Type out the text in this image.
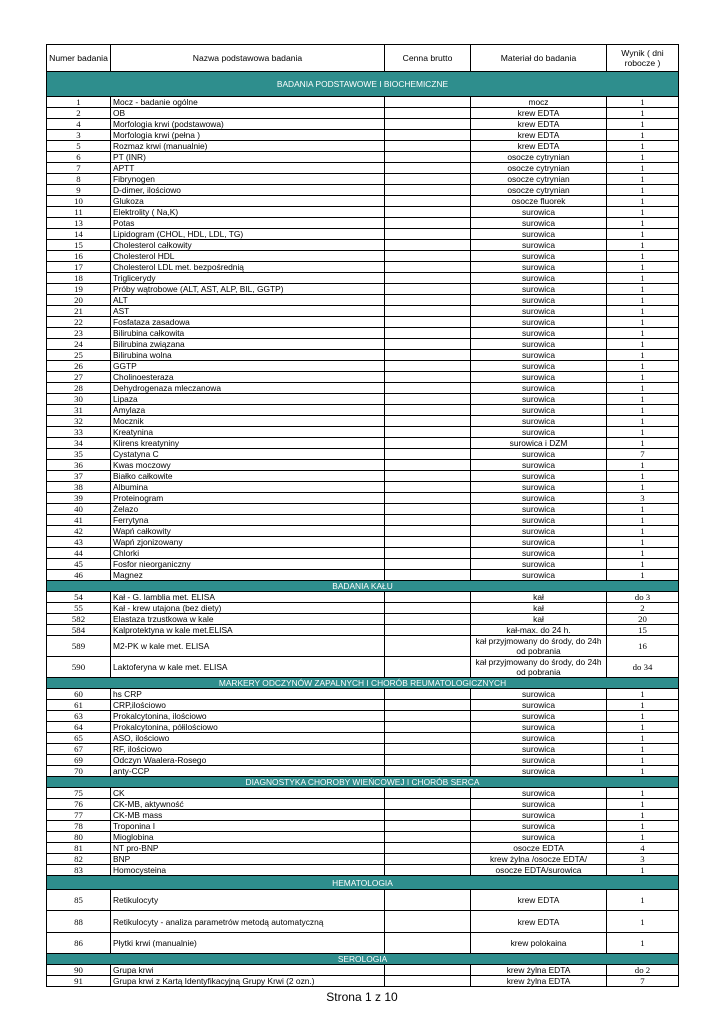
Numer badania	Nazwa podstawowa badania	Cenna brutto	Materiał do badania	Wynik ( dni robocze )
BADANIA PODSTAWOWE I BIOCHEMICZNE				
1	Mocz - badanie ogólne		mocz	1
2	OB		krew EDTA	1
4	Morfologia krwi (podstawowa)		krew EDTA	1
3	Morfologia krwi (pełna )		krew EDTA	1
5	Rozmaz krwi (manualnie)		krew EDTA	1
6	PT (INR)		osocze cytrynian	1
7	APTT		osocze cytrynian	1
8	Fibrynogen		osocze cytrynian	1
9	D-dimer, ilościowo		osocze cytrynian	1
10	Glukoza		osocze fluorek	1
11	Elektrolity ( Na,K)		surowica	1
13	Potas		surowica	1
14	Lipidogram (CHOL, HDL, LDL, TG)		surowica	1
15	Cholesterol całkowity		surowica	1
16	Cholesterol HDL		surowica	1
17	Cholesterol LDL met. bezpośrednią		surowica	1
18	Triglicerydy		surowica	1
19	Próby wątrobowe (ALT, AST, ALP, BIL, GGTP)		surowica	1
20	ALT		surowica	1
21	AST		surowica	1
22	Fosfataza zasadowa		surowica	1
23	Bilirubina całkowita		surowica	1
24	Bilirubina związana		surowica	1
25	Bilirubina wolna		surowica	1
26	GGTP		surowica	1
27	Cholinoesteraza		surowica	1
28	Dehydrogenaza mleczanowa		surowica	1
30	Lipaza		surowica	1
31	Amylaza		surowica	1
32	Mocznik		surowica	1
33	Kreatynina		surowica	1
34	Klirens kreatyniny		surowica i DZM	1
35	Cystatyna C		surowica	7
36	Kwas moczowy		surowica	1
37	Białko całkowite		surowica	1
38	Albumina		surowica	1
39	Proteinogram		surowica	3
40	Żelazo		surowica	1
41	Ferrytyna		surowica	1
42	Wapń całkowity		surowica	1
43	Wapń zjonizowany		surowica	1
44	Chlorki		surowica	1
45	Fosfor nieorganiczny		surowica	1
46	Magnez		surowica	1
BADANIA KAŁU				
54	Kał - G. lamblia met. ELISA		kał	do 3
55	Kał - krew utajona (bez diety)		kał	2
582	Elastaza trzustkowa w kale		kał	20
584	Kalprotektyna w kale met.ELISA		kał-max. do 24 h.	15
589	M2-PK w kale met. ELISA		kał przyjmowany do środy, do 24h od pobrania	16
590	Laktoferyna w kale met. ELISA		kał przyjmowany do środy, do 24h od pobrania	do 34
MARKERY ODCZYNÓW ZAPALNYCH I CHORÓB REUMATOLOGICZNYCH				
60	hs CRP		surowica	1
61	CRP,ilościowo		surowica	1
63	Prokalcytonina, ilościowo		surowica	1
64	Prokalcytonina, półilościowo		surowica	1
65	ASO, ilościowo		surowica	1
67	RF, ilościowo		surowica	1
69	Odczyn Waalera-Rosego		surowica	1
70	anty-CCP		surowica	1
DIAGNOSTYKA CHOROBY WIEŃCOWEJ I CHORÓB SERCA				
75	CK		surowica	1
76	CK-MB, aktywność		surowica	1
77	CK-MB mass		surowica	1
78	Troponina I		surowica	1
80	Mioglobina		surowica	1
81	NT pro-BNP		osocze EDTA	4
82	BNP		krew żylna /osocze EDTA/	3
83	Homocysteina		osocze EDTA/surowica	1
HEMATOLOGIA				
85	Retikulocyty		krew EDTA	1
88	Retikulocyty - analiza parametrów metodą automatyczną		krew EDTA	1
86	Płytki krwi (manualnie)		krew polokaina	1
SEROLOGIA				
90	Grupa krwi		krew żylna EDTA	do 2
91	Grupa krwi z Kartą Identyfikacyjną Grupy Krwi (2 ozn.)		krew żylna EDTA	7
Strona 1 z 10
